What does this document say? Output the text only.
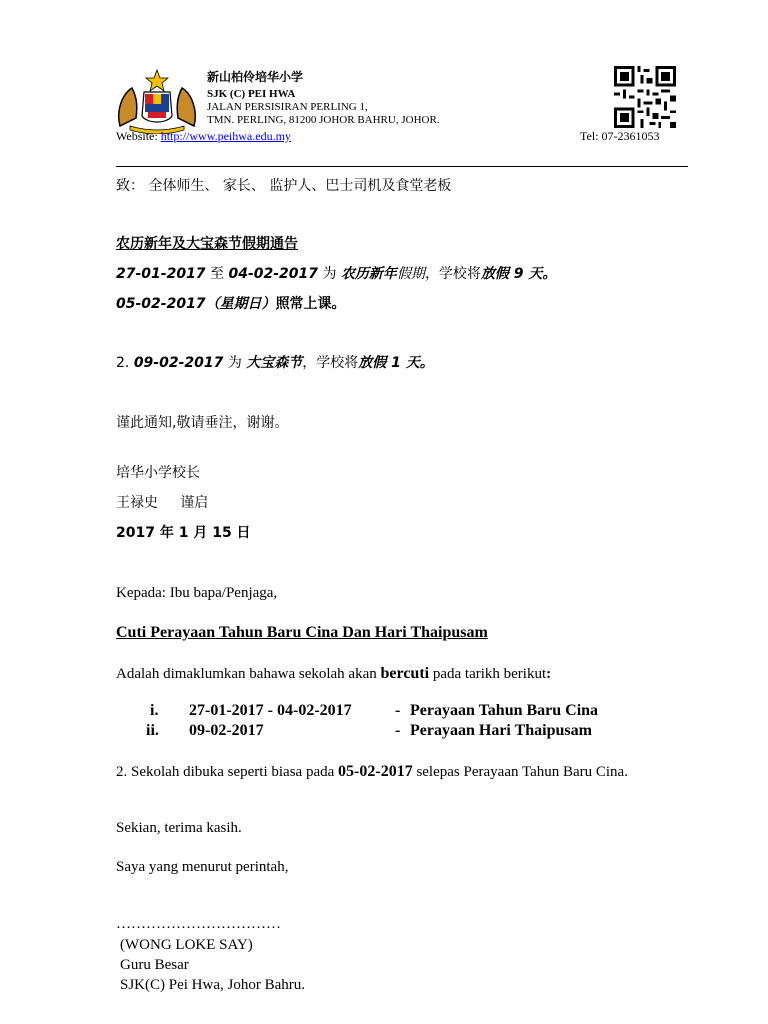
新山柏伶培华小学
SJK (C) PEI HWA
JALAN PERSISIRAN PERLING 1,
TMN. PERLING, 81200 JOHOR BAHRU, JOHOR.
Website: http://www.peihwa.edu.my	Tel: 07-2361053
致： 全体师生、 家长、 监护人、巴士司机及食堂老板
农历新年及大宝森节假期通告
27-01-2017 至 04-02-2017 为 农历新年假期，学校将放假 9 天。
05-02-2017（星期日）照常上课。
2. 09-02-2017 为 大宝森节，学校将放假 1 天。
谨此通知,敬请垂注，谢谢。
培华小学校长
王禄史     谨启
2017 年 1 月 15 日
Kepada: Ibu bapa/Penjaga,
Cuti Perayaan Tahun Baru Cina Dan Hari Thaipusam
Adalah dimaklumkan bahawa sekolah akan bercuti pada tarikh berikut:
i. 27-01-2017 - 04-02-2017	- Perayaan Tahun Baru Cina
ii. 09-02-2017	- Perayaan Hari Thaipusam
2. Sekolah dibuka seperti biasa pada 05-02-2017 selepas Perayaan Tahun Baru Cina.
Sekian, terima kasih.
Saya yang menurut perintah,
……………………………
(WONG LOKE SAY)
Guru Besar
SJK(C) Pei Hwa, Johor Bahru.
